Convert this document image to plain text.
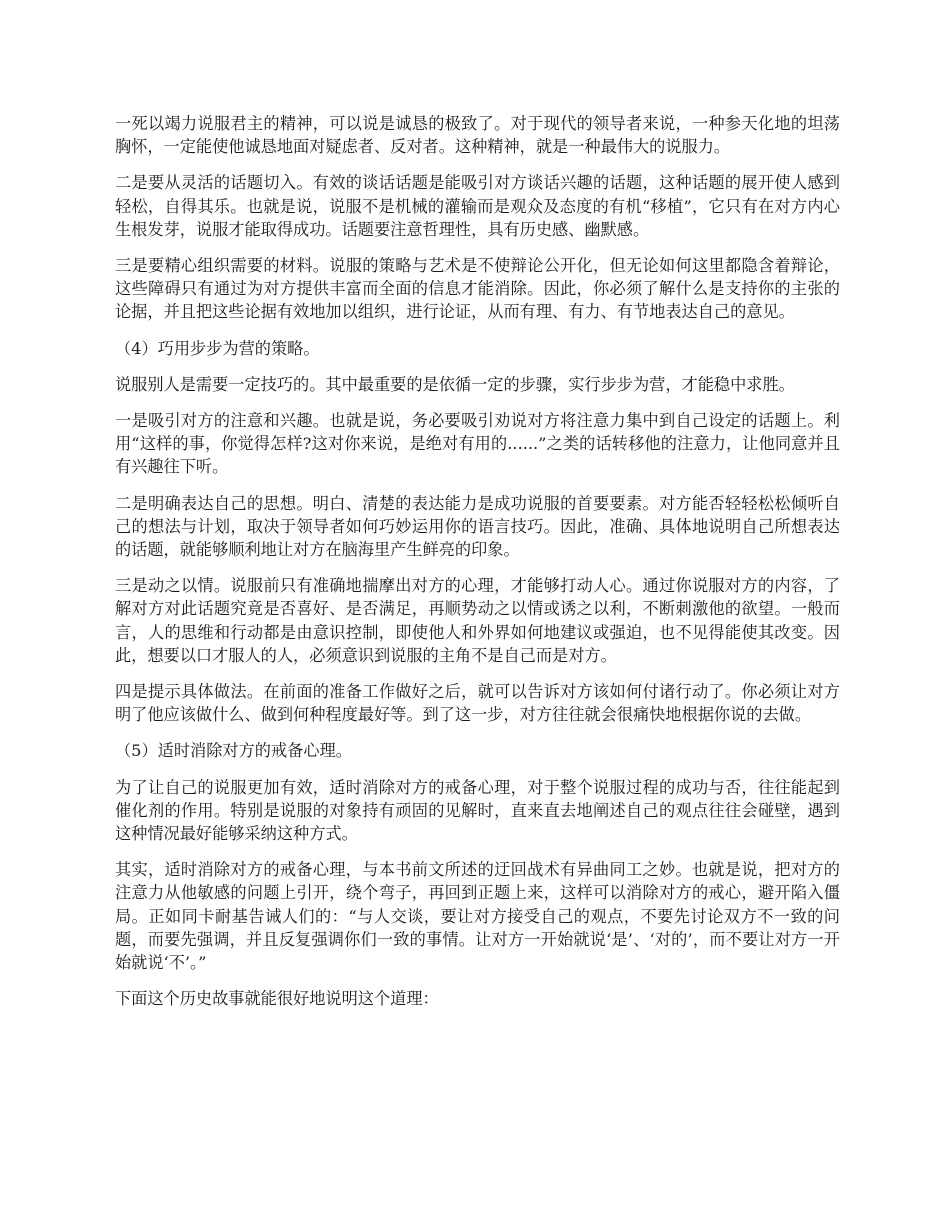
一死以竭力说服君主的精神，可以说是诚恳的极致了。对于现代的领导者来说，一种参天化地的坦荡胸怀，一定能使他诚恳地面对疑虑者、反对者。这种精神，就是一种最伟大的说服力。

二是要从灵活的话题切入。有效的谈话话题是能吸引对方谈话兴趣的话题，这种话题的展开使人感到轻松，自得其乐。也就是说，说服不是机械的灌输而是观众及态度的有机“移植”，它只有在对方内心生根发芽，说服才能取得成功。话题要注意哲理性，具有历史感、幽默感。

三是要精心组织需要的材料。说服的策略与艺术是不使辩论公开化，但无论如何这里都隐含着辩论，这些障碍只有通过为对方提供丰富而全面的信息才能消除。因此，你必须了解什么是支持你的主张的论据，并且把这些论据有效地加以组织，进行论证，从而有理、有力、有节地表达自己的意见。

（4）巧用步步为营的策略。

说服别人是需要一定技巧的。其中最重要的是依循一定的步骤，实行步步为营，才能稳中求胜。

一是吸引对方的注意和兴趣。也就是说，务必要吸引劝说对方将注意力集中到自己设定的话题上。利用“这样的事，你觉得怎样?这对你来说，是绝对有用的......”之类的话转移他的注意力，让他同意并且有兴趣往下听。

二是明确表达自己的思想。明白、清楚的表达能力是成功说服的首要要素。对方能否轻轻松松倾听自己的想法与计划，取决于领导者如何巧妙运用你的语言技巧。因此，准确、具体地说明自己所想表达的话题，就能够顺利地让对方在脑海里产生鲜亮的印象。

三是动之以情。说服前只有准确地揣摩出对方的心理，才能够打动人心。通过你说服对方的内容，了解对方对此话题究竟是否喜好、是否满足，再顺势动之以情或诱之以利，不断刺激他的欲望。一般而言，人的思维和行动都是由意识控制，即使他人和外界如何地建议或强迫，也不见得能使其改变。因此，想要以口才服人的人，必须意识到说服的主角不是自己而是对方。

四是提示具体做法。在前面的准备工作做好之后，就可以告诉对方该如何付诸行动了。你必须让对方明了他应该做什么、做到何种程度最好等。到了这一步，对方往往就会很痛快地根据你说的去做。

（5）适时消除对方的戒备心理。

为了让自己的说服更加有效，适时消除对方的戒备心理，对于整个说服过程的成功与否，往往能起到催化剂的作用。特别是说服的对象持有顽固的见解时，直来直去地阐述自己的观点往往会碰壁，遇到这种情况最好能够采纳这种方式。

其实，适时消除对方的戒备心理，与本书前文所述的迂回战术有异曲同工之妙。也就是说，把对方的注意力从他敏感的问题上引开，绕个弯子，再回到正题上来，这样可以消除对方的戒心，避开陷入僵局。正如同卡耐基告诫人们的：“与人交谈，要让对方接受自己的观点，不要先讨论双方不一致的问题，而要先强调，并且反复强调你们一致的事情。让对方一开始就说‘是’、‘对的’，而不要让对方一开始就说‘不’。”

下面这个历史故事就能很好地说明这个道理：
